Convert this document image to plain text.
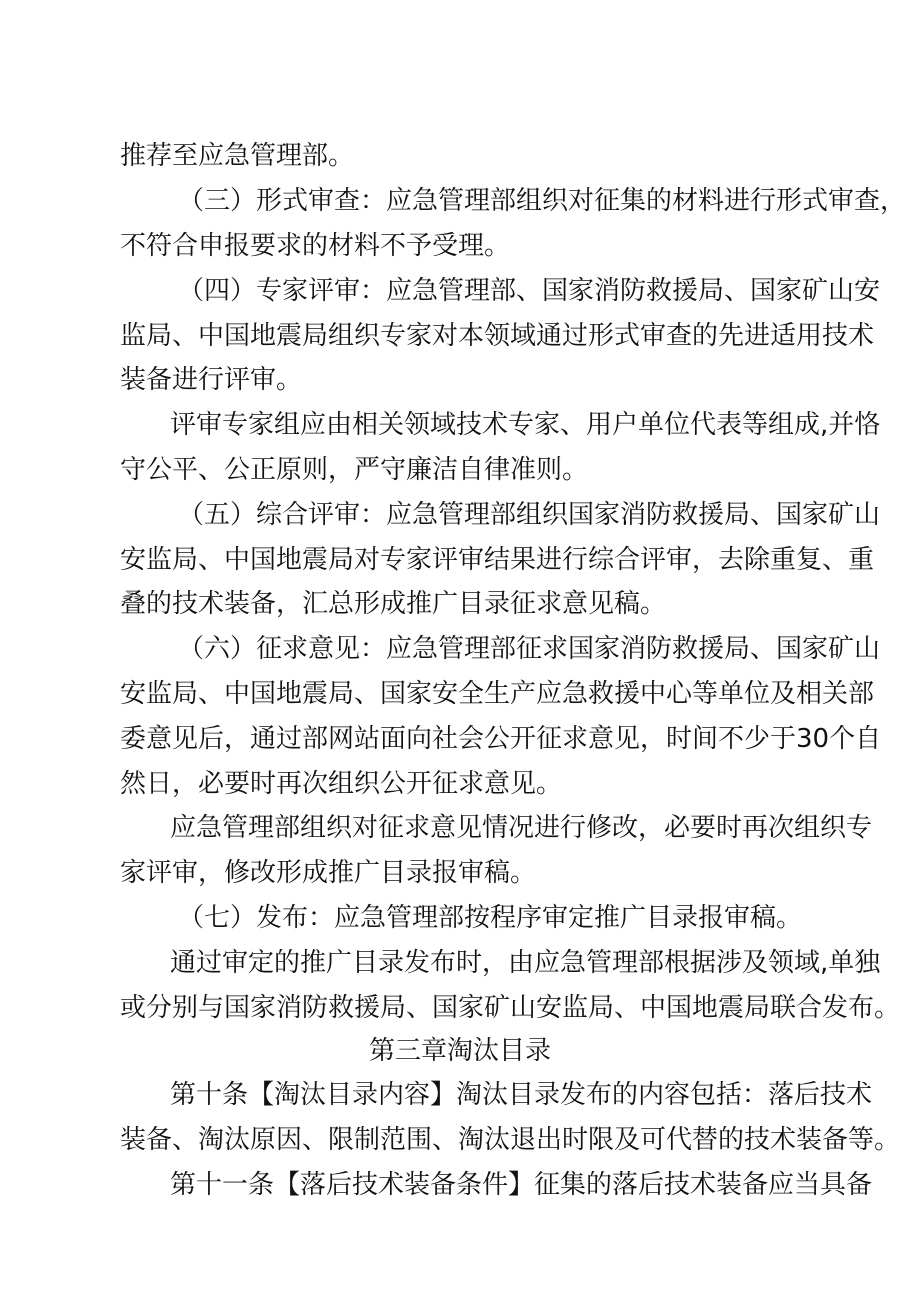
推荐至应急管理部。
（三）形式审查：应急管理部组织对征集的材料进行形式审查，
不符合申报要求的材料不予受理。
（四）专家评审：应急管理部、国家消防救援局、国家矿山安
监局、中国地震局组织专家对本领域通过形式审查的先进适用技术
装备进行评审。
评审专家组应由相关领域技术专家、用户单位代表等组成,并恪
守公平、公正原则，严守廉洁自律准则。
（五）综合评审：应急管理部组织国家消防救援局、国家矿山
安监局、中国地震局对专家评审结果进行综合评审，去除重复、重
叠的技术装备，汇总形成推广目录征求意见稿。
（六）征求意见：应急管理部征求国家消防救援局、国家矿山
安监局、中国地震局、国家安全生产应急救援中心等单位及相关部
委意见后，通过部网站面向社会公开征求意见，时间不少于30个自
然日，必要时再次组织公开征求意见。
应急管理部组织对征求意见情况进行修改，必要时再次组织专
家评审，修改形成推广目录报审稿。
（七）发布：应急管理部按程序审定推广目录报审稿。
通过审定的推广目录发布时，由应急管理部根据涉及领域,单独
或分别与国家消防救援局、国家矿山安监局、中国地震局联合发布。
第三章淘汰目录
第十条【淘汰目录内容】淘汰目录发布的内容包括：落后技术
装备、淘汰原因、限制范围、淘汰退出时限及可代替的技术装备等。
第十一条【落后技术装备条件】征集的落后技术装备应当具备
